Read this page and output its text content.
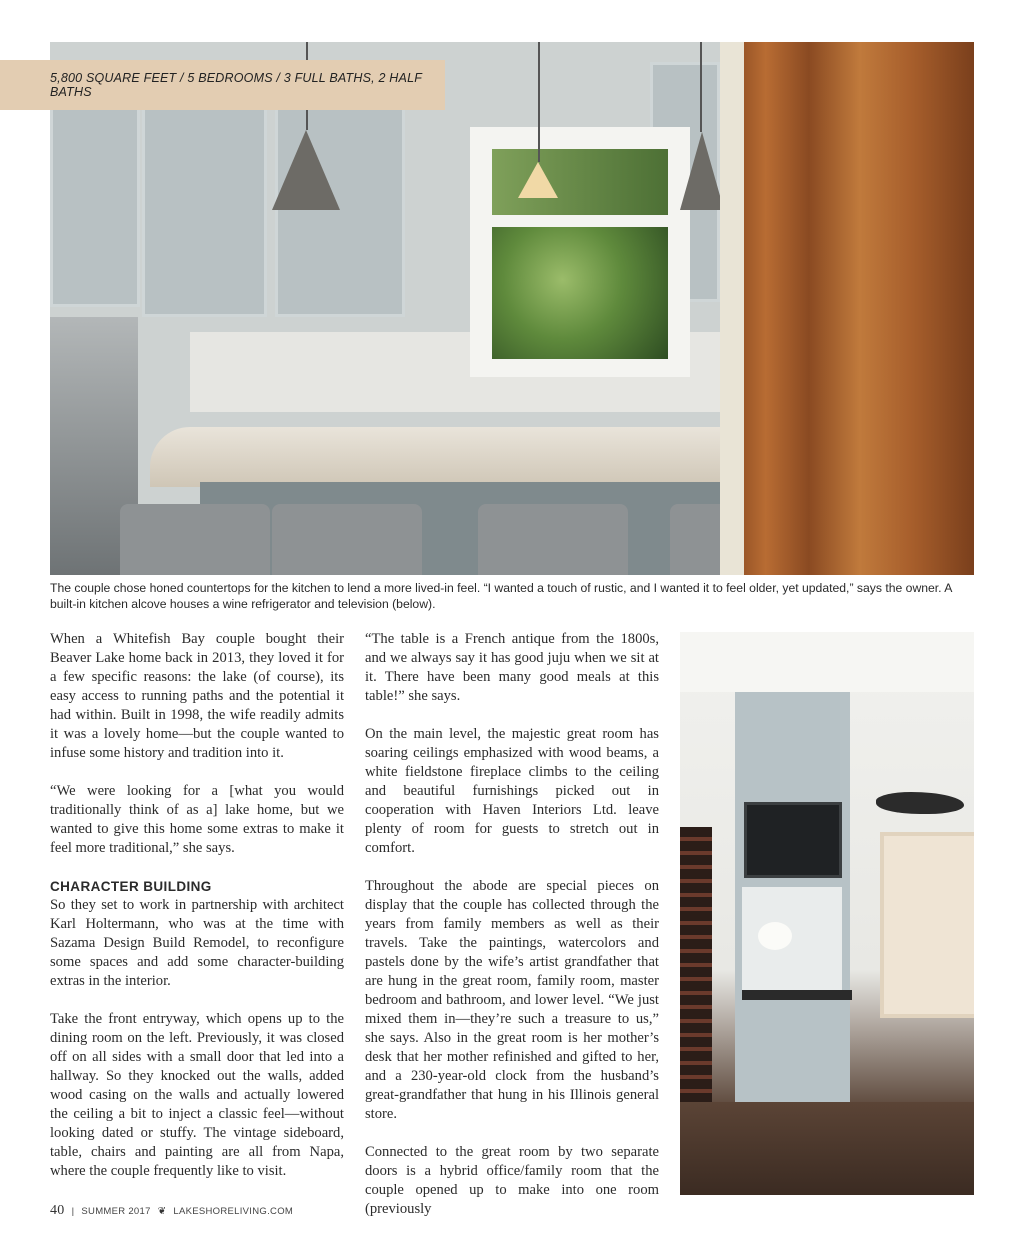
5,800 SQUARE FEET / 5 BEDROOMS / 3 FULL BATHS, 2 HALF BATHS
The couple chose honed countertops for the kitchen to lend a more lived-in feel. “I wanted a touch of rustic, and I wanted it to feel older, yet updated,” says the owner. A built-in kitchen alcove houses a wine refrigerator and television (below).

When a Whitefish Bay couple bought their Beaver Lake home back in 2013, they loved it for a few specific reasons: the lake (of course), its easy access to running paths and the potential it had within. Built in 1998, the wife readily admits it was a lovely home—but the couple wanted to infuse some history and tradition into it.

“We were looking for a [what you would traditionally think of as a] lake home, but we wanted to give this home some extras to make it feel more traditional,” she says.

CHARACTER BUILDING

So they set to work in partnership with architect Karl Holtermann, who was at the time with Sazama Design Build Remodel, to reconfigure some spaces and add some character-building extras in the interior.

Take the front entryway, which opens up to the dining room on the left. Previously, it was closed off on all sides with a small door that led into a hallway. So they knocked out the walls, added wood casing on the walls and actually lowered the ceiling a bit to inject a classic feel—without looking dated or stuffy. The vintage sideboard, table, chairs and painting are all from Napa, where the couple frequently like to visit.

“The table is a French antique from the 1800s, and we always say it has good juju when we sit at it. There have been many good meals at this table!” she says.

On the main level, the majestic great room has soaring ceilings emphasized with wood beams, a white fieldstone fireplace climbs to the ceiling and beautiful furnishings picked out in cooperation with Haven Interiors Ltd. leave plenty of room for guests to stretch out in comfort.

Throughout the abode are special pieces on display that the couple has collected through the years from family members as well as their travels. Take the paintings, watercolors and pastels done by the wife’s artist grandfather that are hung in the great room, family room, master bedroom and bathroom, and lower level. “We just mixed them in—they’re such a treasure to us,” she says. Also in the great room is her mother’s desk that her mother refinished and gifted to her, and a 230-year-old clock from the husband’s great-grandfather that hung in his Illinois general store.

Connected to the great room by two separate doors is a hybrid office/family room that the couple opened up to make into one room (previously

40 | SUMMER 2017 ❦ LAKESHORELIVING.COM
